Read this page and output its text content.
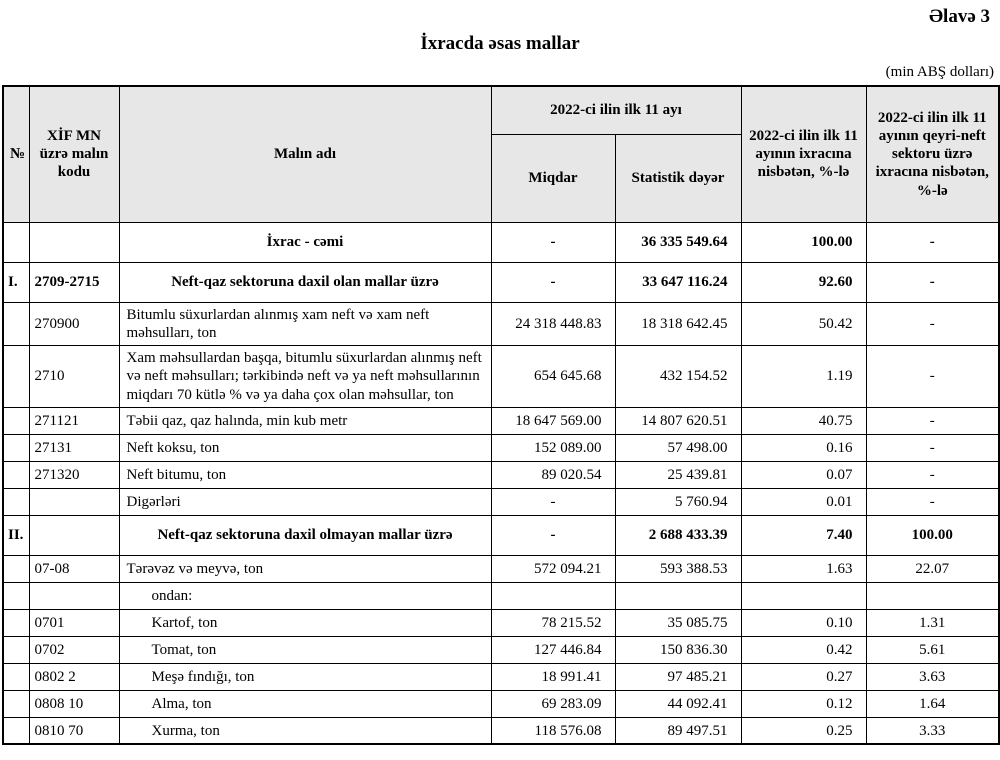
Əlavə 3
İxracda əsas mallar
(min ABŞ dolları)
№	XİF MN üzrə malın kodu	Malın adı	2022-ci ilin ilk 11 ayı		2022-ci ilin ilk 11 ayının ixracına nisbətən, %-lə	2022-ci ilin ilk 11 ayının qeyri-neft sektoru üzrə ixracına nisbətən, %-lə
			Miqdar	Statistik dəyər		
		İxrac - cəmi	-	36 335 549.64	100.00	-
I.	2709-2715	Neft-qaz sektoruna daxil olan mallar üzrə	-	33 647 116.24	92.60	-
	270900	Bitumlu süxurlardan alınmış xam neft və xam neft məhsulları, ton	24 318 448.83	18 318 642.45	50.42	-
	2710	Xam məhsullardan başqa, bitumlu süxurlardan alınmış neft və neft məhsulları; tərkibində neft və ya neft məhsullarının miqdarı 70 kütlə % və ya daha çox olan məhsullar, ton	654 645.68	432 154.52	1.19	-
	271121	Təbii qaz, qaz halında, min kub metr	18 647 569.00	14 807 620.51	40.75	-
	27131	Neft koksu, ton	152 089.00	57 498.00	0.16	-
	271320	Neft bitumu, ton	89 020.54	25 439.81	0.07	-
		Digərləri	-	5 760.94	0.01	-
II.		Neft-qaz sektoruna daxil olmayan mallar üzrə	-	2 688 433.39	7.40	100.00
	07-08	Tərəvəz və meyvə, ton	572 094.21	593 388.53	1.63	22.07
		ondan:				
	0701	Kartof, ton	78 215.52	35 085.75	0.10	1.31
	0702	Tomat, ton	127 446.84	150 836.30	0.42	5.61
	0802 2	Meşə fındığı, ton	18 991.41	97 485.21	0.27	3.63
	0808 10	Alma, ton	69 283.09	44 092.41	0.12	1.64
	0810 70	Xurma, ton	118 576.08	89 497.51	0.25	3.33
